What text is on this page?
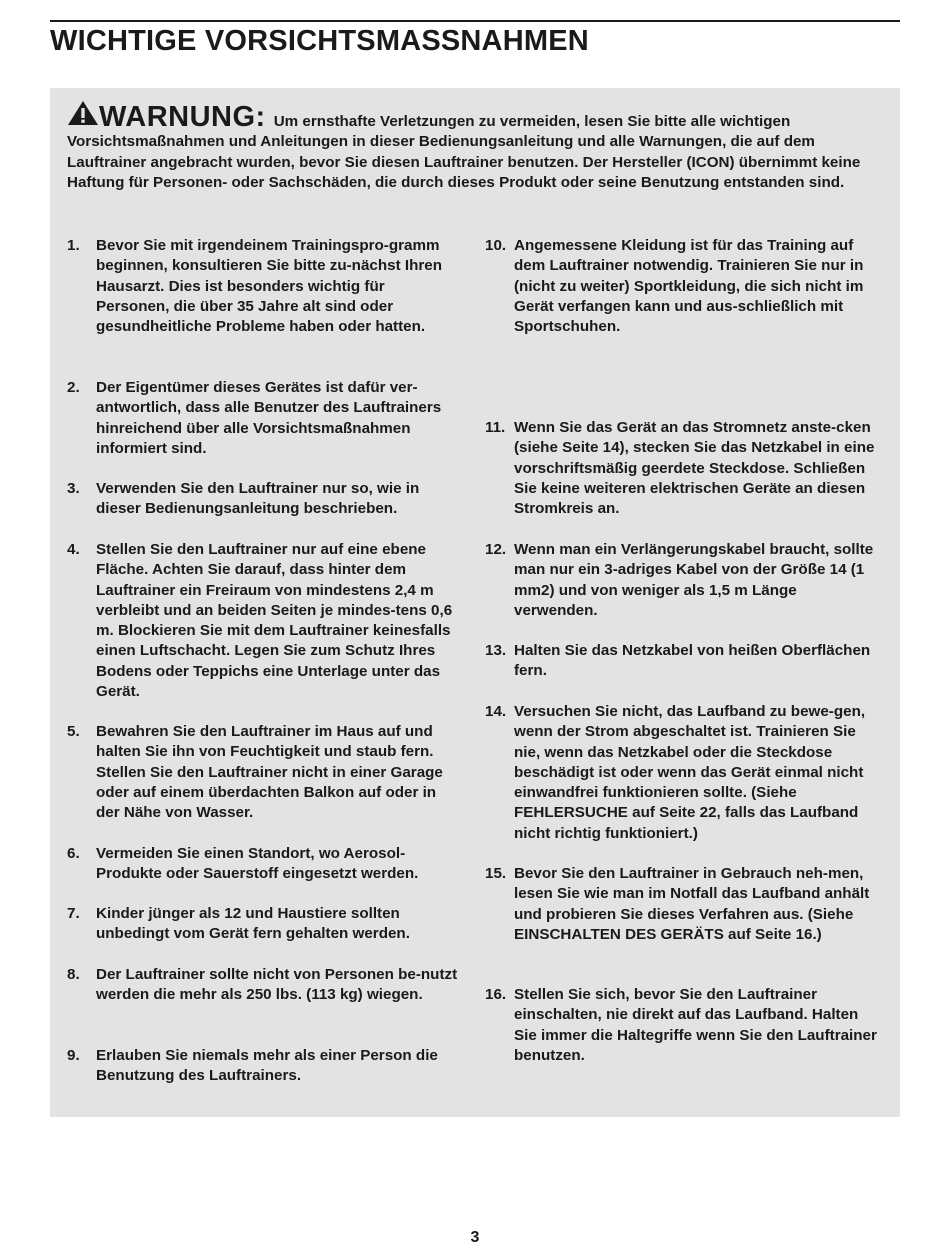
WICHTIGE VORSICHTSMASSNAHMEN
WARNUNG: Um ernsthafte Verletzungen zu vermeiden, lesen Sie bitte alle wichtigen Vorsichtsmaßnahmen und Anleitungen in dieser Bedienungsanleitung und alle Warnungen, die auf dem Lauftrainer angebracht wurden, bevor Sie diesen Lauftrainer benutzen. Der Hersteller (ICON) übernimmt keine Haftung für Personen- oder Sachschäden, die durch dieses Produkt oder seine Benutzung entstanden sind.
1. Bevor Sie mit irgendeinem Trainingspro-gramm beginnen, konsultieren Sie bitte zu-nächst Ihren Hausarzt. Dies ist besonders wichtig für Personen, die über 35 Jahre alt sind oder gesundheitliche Probleme haben oder hatten.
2. Der Eigentümer dieses Gerätes ist dafür ver-antwortlich, dass alle Benutzer des Lauftrainers hinreichend über alle Vorsichtsmaßnahmen informiert sind.
3. Verwenden Sie den Lauftrainer nur so, wie in dieser Bedienungsanleitung beschrieben.
4. Stellen Sie den Lauftrainer nur auf eine ebene Fläche. Achten Sie darauf, dass hinter dem Lauftrainer ein Freiraum von mindestens 2,4 m verbleibt und an beiden Seiten je mindes-tens 0,6 m. Blockieren Sie mit dem Lauftrainer keinesfalls einen Luftschacht. Legen Sie zum Schutz Ihres Bodens oder Teppichs eine Unterlage unter das Gerät.
5. Bewahren Sie den Lauftrainer im Haus auf und halten Sie ihn von Feuchtigkeit und staub fern. Stellen Sie den Lauftrainer nicht in einer Garage oder auf einem überdachten Balkon auf oder in der Nähe von Wasser.
6. Vermeiden Sie einen Standort, wo Aerosol-Produkte oder Sauerstoff eingesetzt werden.
7. Kinder jünger als 12 und Haustiere sollten unbedingt vom Gerät fern gehalten werden.
8. Der Lauftrainer sollte nicht von Personen be-nutzt werden die mehr als 250 lbs. (113 kg) wiegen.
9. Erlauben Sie niemals mehr als einer Person die Benutzung des Lauftrainers.
10. Angemessene Kleidung ist für das Training auf dem Lauftrainer notwendig. Trainieren Sie nur in (nicht zu weiter) Sportkleidung, die sich nicht im Gerät verfangen kann und aus-schließlich mit Sportschuhen.
11. Wenn Sie das Gerät an das Stromnetz anste-cken (siehe Seite 14), stecken Sie das Netzkabel in eine vorschriftsmäßig geerdete Steckdose. Schließen Sie keine weiteren elektrischen Geräte an diesen Stromkreis an.
12. Wenn man ein Verlängerungskabel braucht, sollte man nur ein 3-adriges Kabel von der Größe 14 (1 mm2) und von weniger als 1,5 m Länge verwenden.
13. Halten Sie das Netzkabel von heißen Oberflächen fern.
14. Versuchen Sie nicht, das Laufband zu bewe-gen, wenn der Strom abgeschaltet ist. Trainieren Sie nie, wenn das Netzkabel oder die Steckdose beschädigt ist oder wenn das Gerät einmal nicht einwandfrei funktionieren sollte. (Siehe FEHLERSUCHE auf Seite 22, falls das Laufband nicht richtig funktioniert.)
15. Bevor Sie den Lauftrainer in Gebrauch neh-men, lesen Sie wie man im Notfall das Laufband anhält und probieren Sie dieses Verfahren aus. (Siehe EINSCHALTEN DES GERÄTS auf Seite 16.)
16. Stellen Sie sich, bevor Sie den Lauftrainer einschalten, nie direkt auf das Laufband. Halten Sie immer die Haltegriffe wenn Sie den Lauftrainer benutzen.
3
